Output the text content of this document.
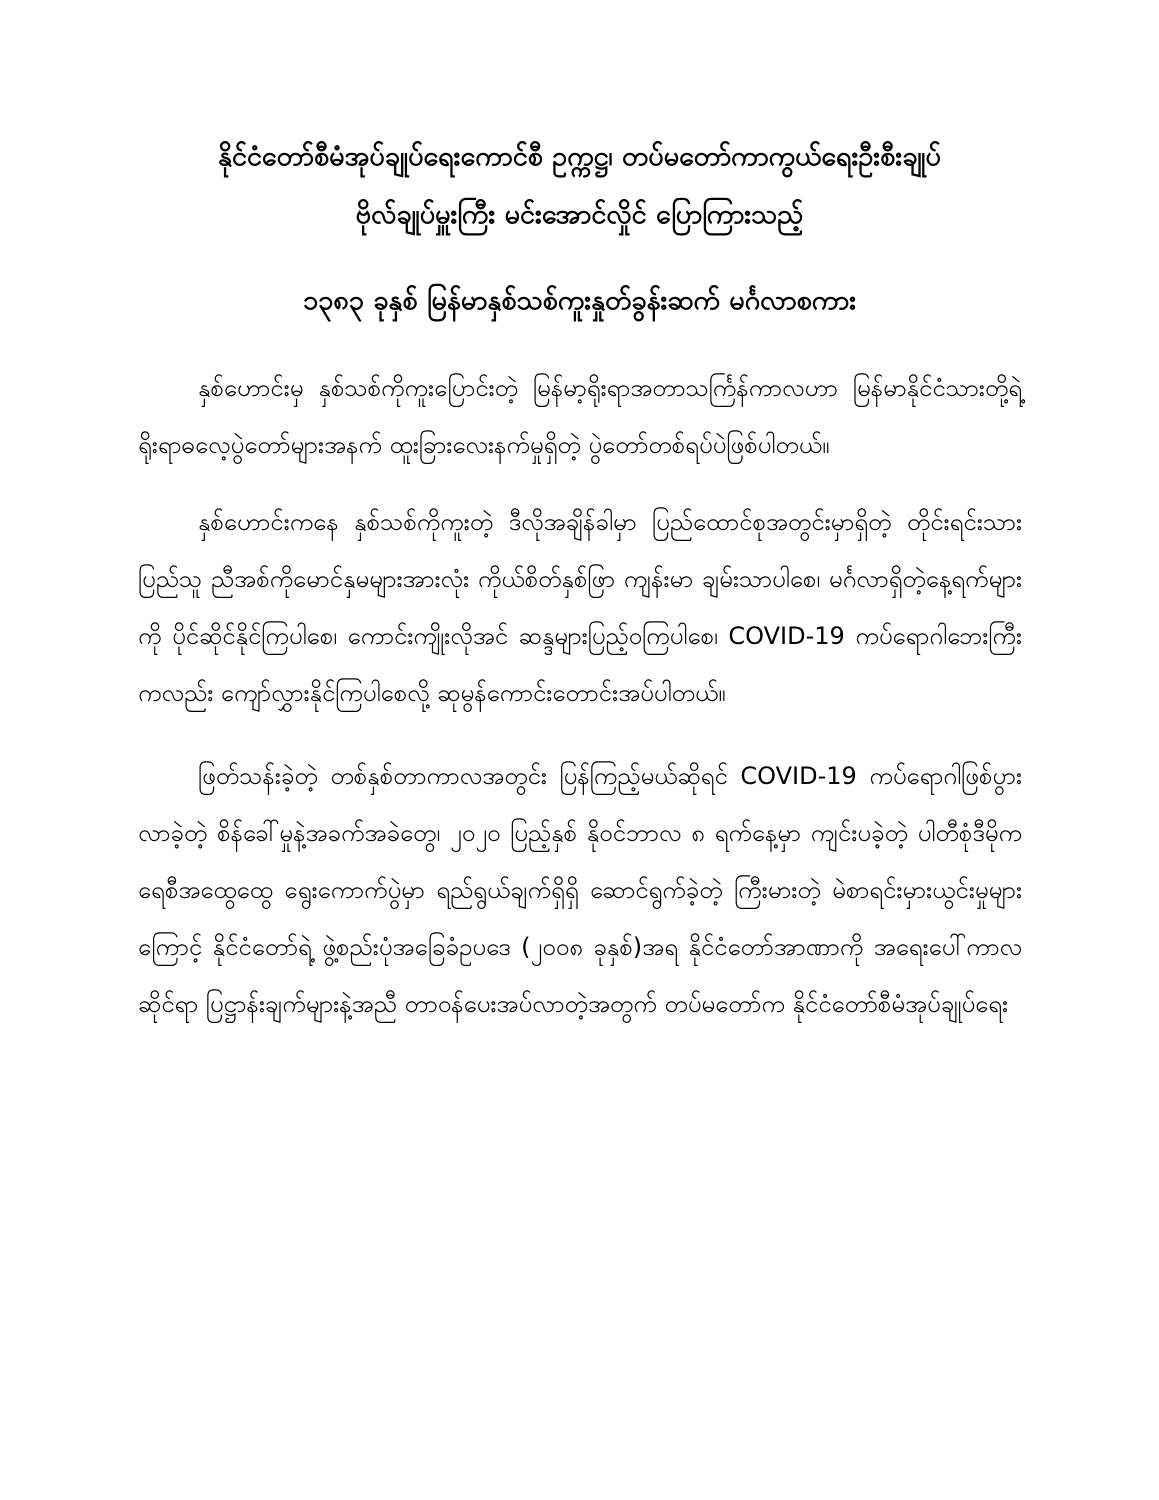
နိုင်ငံတော်စီမံအုပ်ချုပ်ရေးကောင်စီ ဥက္ကဋ္ဌ၊ တပ်မတော်ကာကွယ်ရေးဦးစီးချုပ်
ဗိုလ်ချုပ်မှူးကြီး မင်းအောင်လှိုင် ပြောကြားသည့်
၁၃၈၃ ခုနှစ် မြန်မာနှစ်သစ်ကူးနှုတ်ခွန်းဆက် မင်္ဂလာစကား

နှစ်ဟောင်းမှ နှစ်သစ်ကိုကူးပြောင်းတဲ့ မြန်မာ့ရိုးရာအတာသင်္ကြန်ကာလဟာ မြန်မာနိုင်ငံသားတို့ရဲ့ ရိုးရာဓလေ့ပွဲတော်များအနက် ထူးခြားလေးနက်မှုရှိတဲ့ ပွဲတော်တစ်ရပ်ပဲဖြစ်ပါတယ်။

နှစ်ဟောင်းကနေ နှစ်သစ်ကိုကူးတဲ့ ဒီလိုအချိန်ခါမှာ ပြည်ထောင်စုအတွင်းမှာရှိတဲ့ တိုင်းရင်းသားပြည်သူ ညီအစ်ကိုမောင်နှမများအားလုံး ကိုယ်စိတ်နှစ်ဖြာ ကျန်းမာ ချမ်းသာပါစေ၊ မင်္ဂလာရှိတဲ့နေ့ရက်များကို ပိုင်ဆိုင်နိုင်ကြပါစေ၊ ကောင်းကျိုးလိုအင် ဆန္ဒများပြည့်ဝကြပါစေ၊ COVID-19 ကပ်ရောဂါဘေးကြီးကလည်း ကျော်လွှားနိုင်ကြပါစေလို့ ဆုမွန်ကောင်းတောင်းအပ်ပါတယ်။

ဖြတ်သန်းခဲ့တဲ့ တစ်နှစ်တာကာလအတွင်း ပြန်ကြည့်မယ်ဆိုရင် COVID-19 ကပ်ရောဂါဖြစ်ပွားလာခဲ့တဲ့ စိန်ခေါ်မှုနဲ့အခက်အခဲတွေ၊ ၂၀၂၀ ပြည့်နှစ် နိုဝင်ဘာလ ၈ ရက်နေ့မှာ ကျင်းပခဲ့တဲ့ ပါတီစုံဒီမိုကရေစီအထွေထွေ ရွေးကောက်ပွဲမှာ ရည်ရွယ်ချက်ရှိရှိ ဆောင်ရွက်ခဲ့တဲ့ ကြီးမားတဲ့ မဲစာရင်းမှားယွင်းမှုများကြောင့် နိုင်ငံတော်ရဲ့ ဖွဲ့စည်းပုံအခြေခံဥပဒေ (၂၀၀၈ ခုနှစ်)အရ နိုင်ငံတော်အာဏာကို အရေးပေါ်ကာလဆိုင်ရာ ပြဋ္ဌာန်းချက်များနဲ့အညီ တာဝန်ပေးအပ်လာတဲ့အတွက် တပ်မတော်က နိုင်ငံတော်စီမံအုပ်ချုပ်ရေး
